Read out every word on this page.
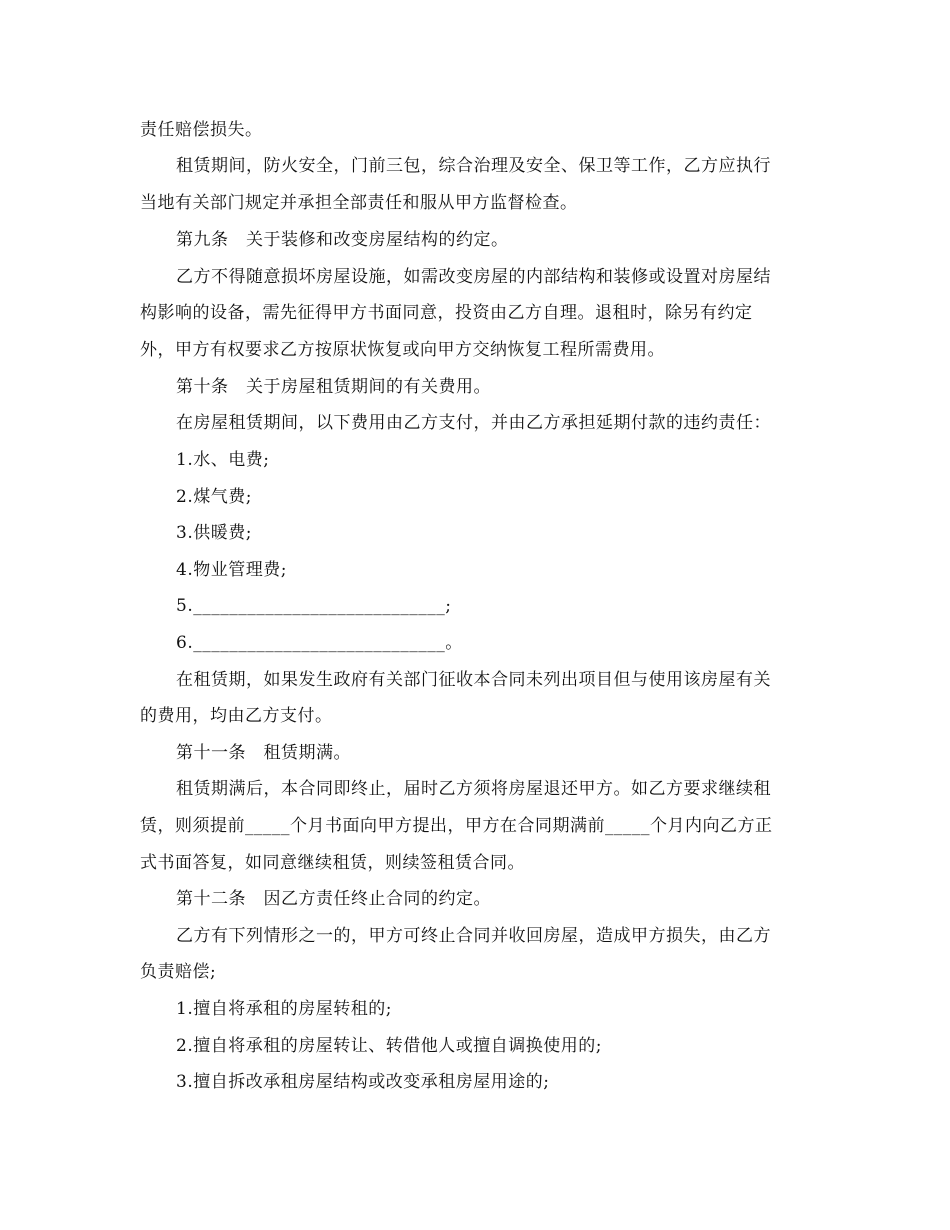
责任赔偿损失。
租赁期间，防火安全，门前三包，综合治理及安全、保卫等工作，乙方应执行
当地有关部门规定并承担全部责任和服从甲方监督检查。
第九条　关于装修和改变房屋结构的约定。
乙方不得随意损坏房屋设施，如需改变房屋的内部结构和装修或设置对房屋结
构影响的设备，需先征得甲方书面同意，投资由乙方自理。退租时，除另有约定
外，甲方有权要求乙方按原状恢复或向甲方交纳恢复工程所需费用。
第十条　关于房屋租赁期间的有关费用。
在房屋租赁期间，以下费用由乙方支付，并由乙方承担延期付款的违约责任：
1.水、电费;
2.煤气费;
3.供暖费;
4.物业管理费;
5.____________________________;
6.____________________________。
在租赁期，如果发生政府有关部门征收本合同未列出项目但与使用该房屋有关
的费用，均由乙方支付。
第十一条　租赁期满。
租赁期满后，本合同即终止，届时乙方须将房屋退还甲方。如乙方要求继续租
赁，则须提前_____个月书面向甲方提出，甲方在合同期满前_____个月内向乙方正
式书面答复，如同意继续租赁，则续签租赁合同。
第十二条　因乙方责任终止合同的约定。
乙方有下列情形之一的，甲方可终止合同并收回房屋，造成甲方损失，由乙方
负责赔偿;
1.擅自将承租的房屋转租的;
2.擅自将承租的房屋转让、转借他人或擅自调换使用的;
3.擅自拆改承租房屋结构或改变承租房屋用途的;
